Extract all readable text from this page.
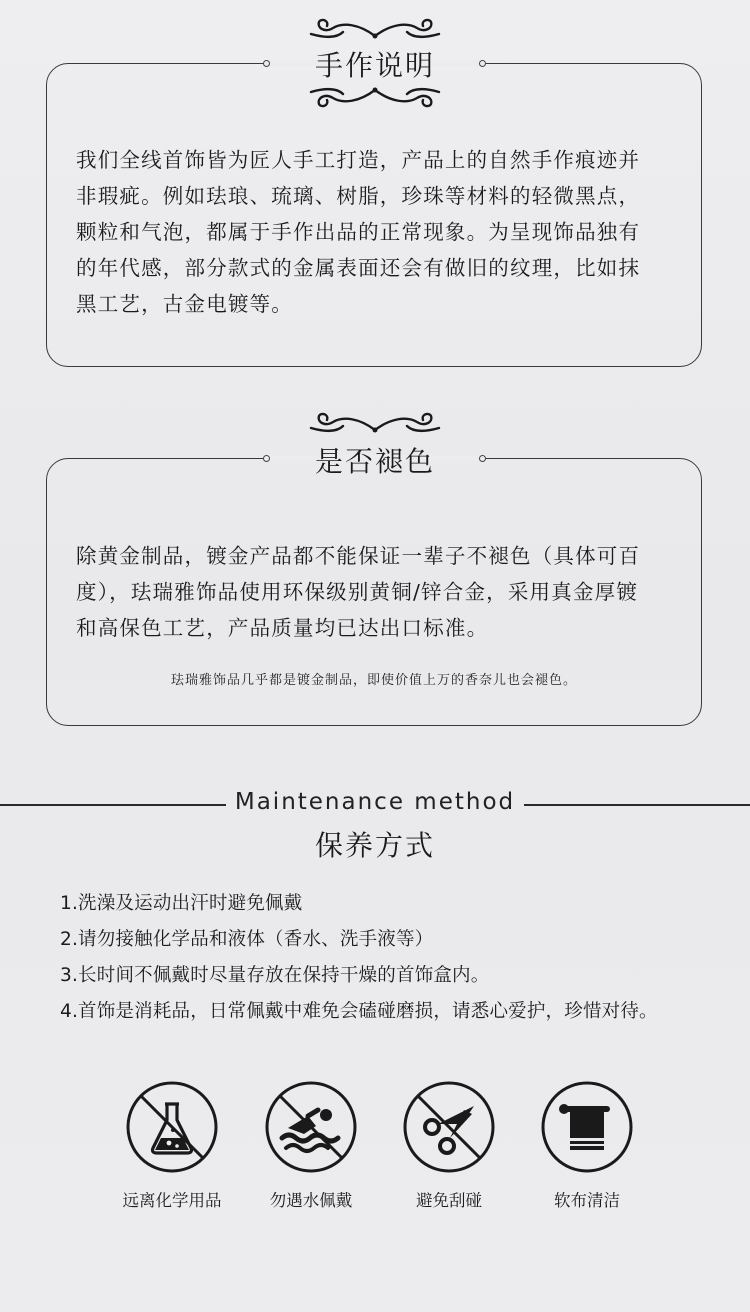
手作说明
我们全线首饰皆为匠人手工打造，产品上的自然手作痕迹并
非瑕疵。例如珐琅、琉璃、树脂，珍珠等材料的轻微黑点，
颗粒和气泡，都属于手作出品的正常现象。为呈现饰品独有
的年代感，部分款式的金属表面还会有做旧的纹理，比如抹
黑工艺，古金电镀等。
是否褪色
除黄金制品，镀金产品都不能保证一辈子不褪色（具体可百
度），珐瑞雅饰品使用环保级别黄铜/锌合金，采用真金厚镀
和高保色工艺，产品质量均已达出口标准。
珐瑞雅饰品几乎都是镀金制品，即使价值上万的香奈儿也会褪色。
Maintenance method
保养方式
1.洗澡及运动出汗时避免佩戴
2.请勿接触化学品和液体（香水、洗手液等）
3.长时间不佩戴时尽量存放在保持干燥的首饰盒内。
4.首饰是消耗品，日常佩戴中难免会磕碰磨损，请悉心爱护，珍惜对待。
远离化学用品	勿遇水佩戴	避免刮碰	软布清洁
